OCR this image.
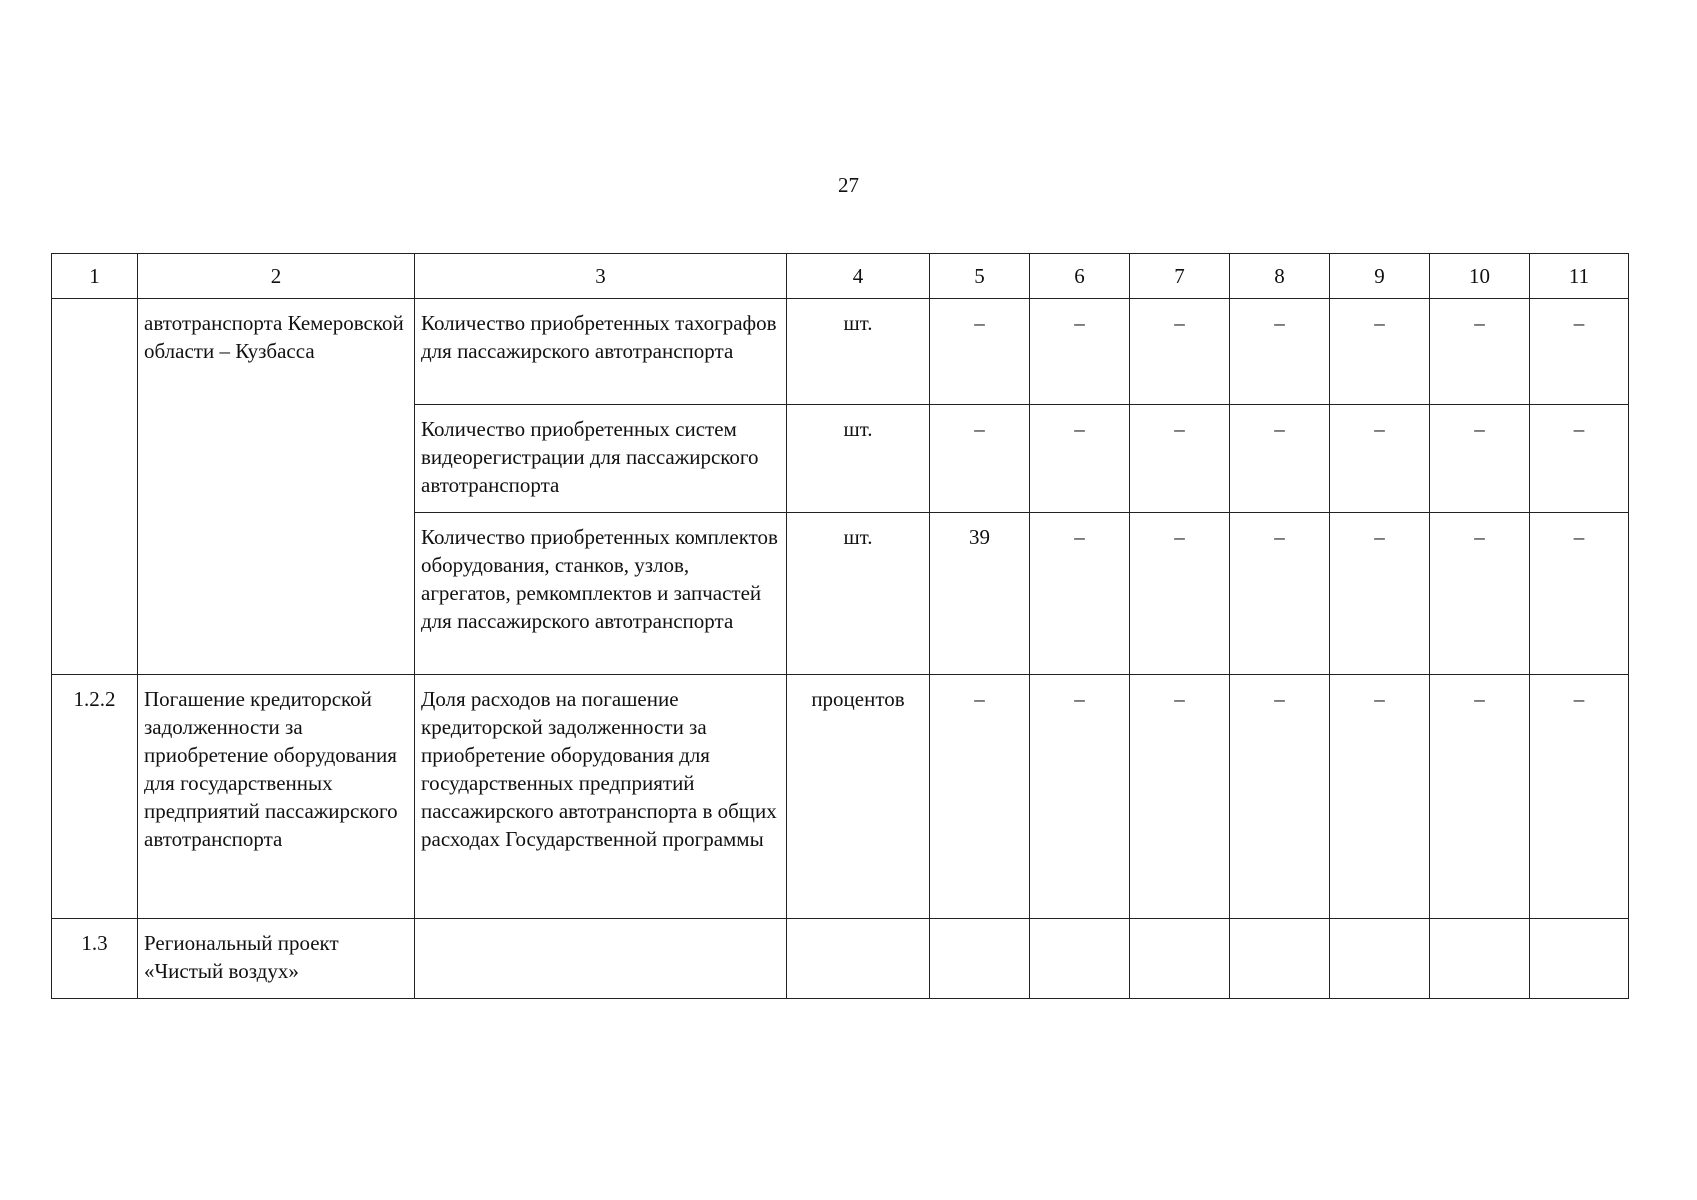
27
1	2	3	4	5	6	7	8	9	10	11
	автотранспорта Кемеровской области – Кузбасса	Количество приобретенных тахографов для пассажирского автотранспорта	шт.	–	–	–	–	–	–	–
		Количество приобретенных систем видеорегистрации для пассажирского автотранспорта	шт.	–	–	–	–	–	–	–
		Количество приобретенных комплектов оборудования, станков, узлов, агрегатов, ремкомплектов и запчастей для пассажирского автотранспорта	шт.	39	–	–	–	–	–	–
1.2.2	Погашение кредиторской задолженности за приобретение оборудования для государственных предприятий пассажирского автотранспорта	Доля расходов на погашение кредиторской задолженности за приобретение оборудования для государственных предприятий пассажирского автотранспорта в общих расходах Государственной программы	процентов	–	–	–	–	–	–	–
1.3	Региональный проект «Чистый воздух»									
